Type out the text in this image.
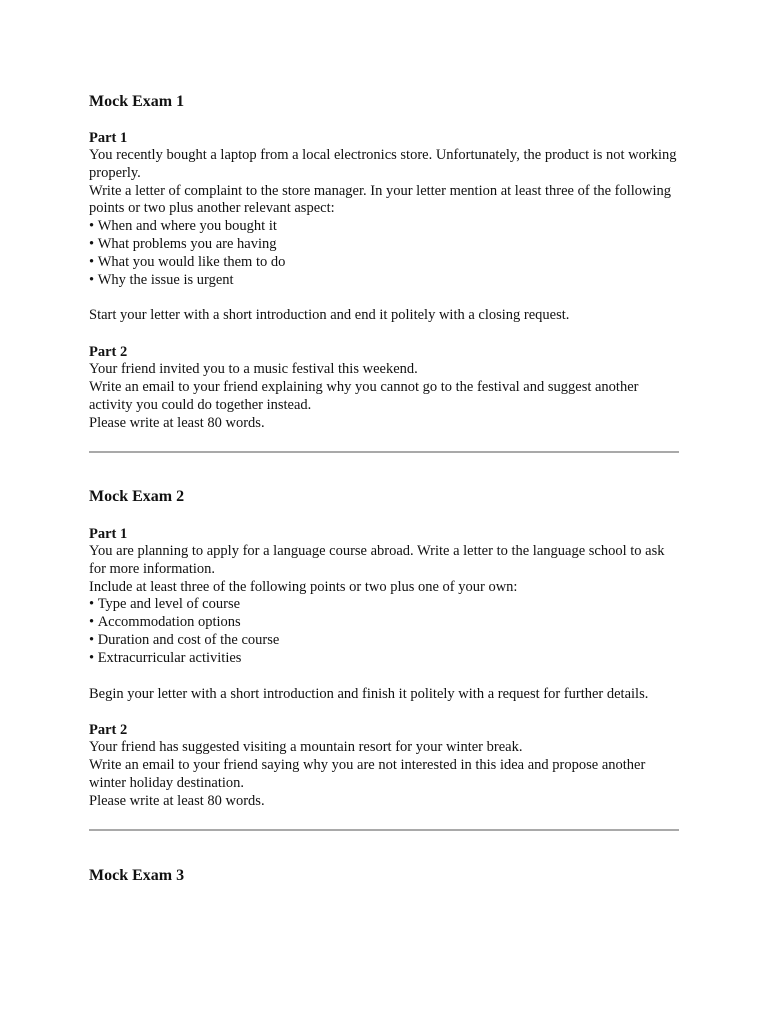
Mock Exam 1
Part 1

You recently bought a laptop from a local electronics store. Unfortunately, the product is not working properly.

Write a letter of complaint to the store manager. In your letter mention at least three of the following points or two plus another relevant aspect:

• When and where you bought it
• What problems you are having
• What you would like them to do
• Why the issue is urgent

Start your letter with a short introduction and end it politely with a closing request.

Part 2

Your friend invited you to a music festival this weekend.

Write an email to your friend explaining why you cannot go to the festival and suggest another activity you could do together instead.

Please write at least 80 words.

Mock Exam 2
Part 1

You are planning to apply for a language course abroad. Write a letter to the language school to ask for more information.

Include at least three of the following points or two plus one of your own:

• Type and level of course
• Accommodation options
• Duration and cost of the course
• Extracurricular activities

Begin your letter with a short introduction and finish it politely with a request for further details.

Part 2

Your friend has suggested visiting a mountain resort for your winter break.

Write an email to your friend saying why you are not interested in this idea and propose another winter holiday destination.

Please write at least 80 words.

Mock Exam 3
